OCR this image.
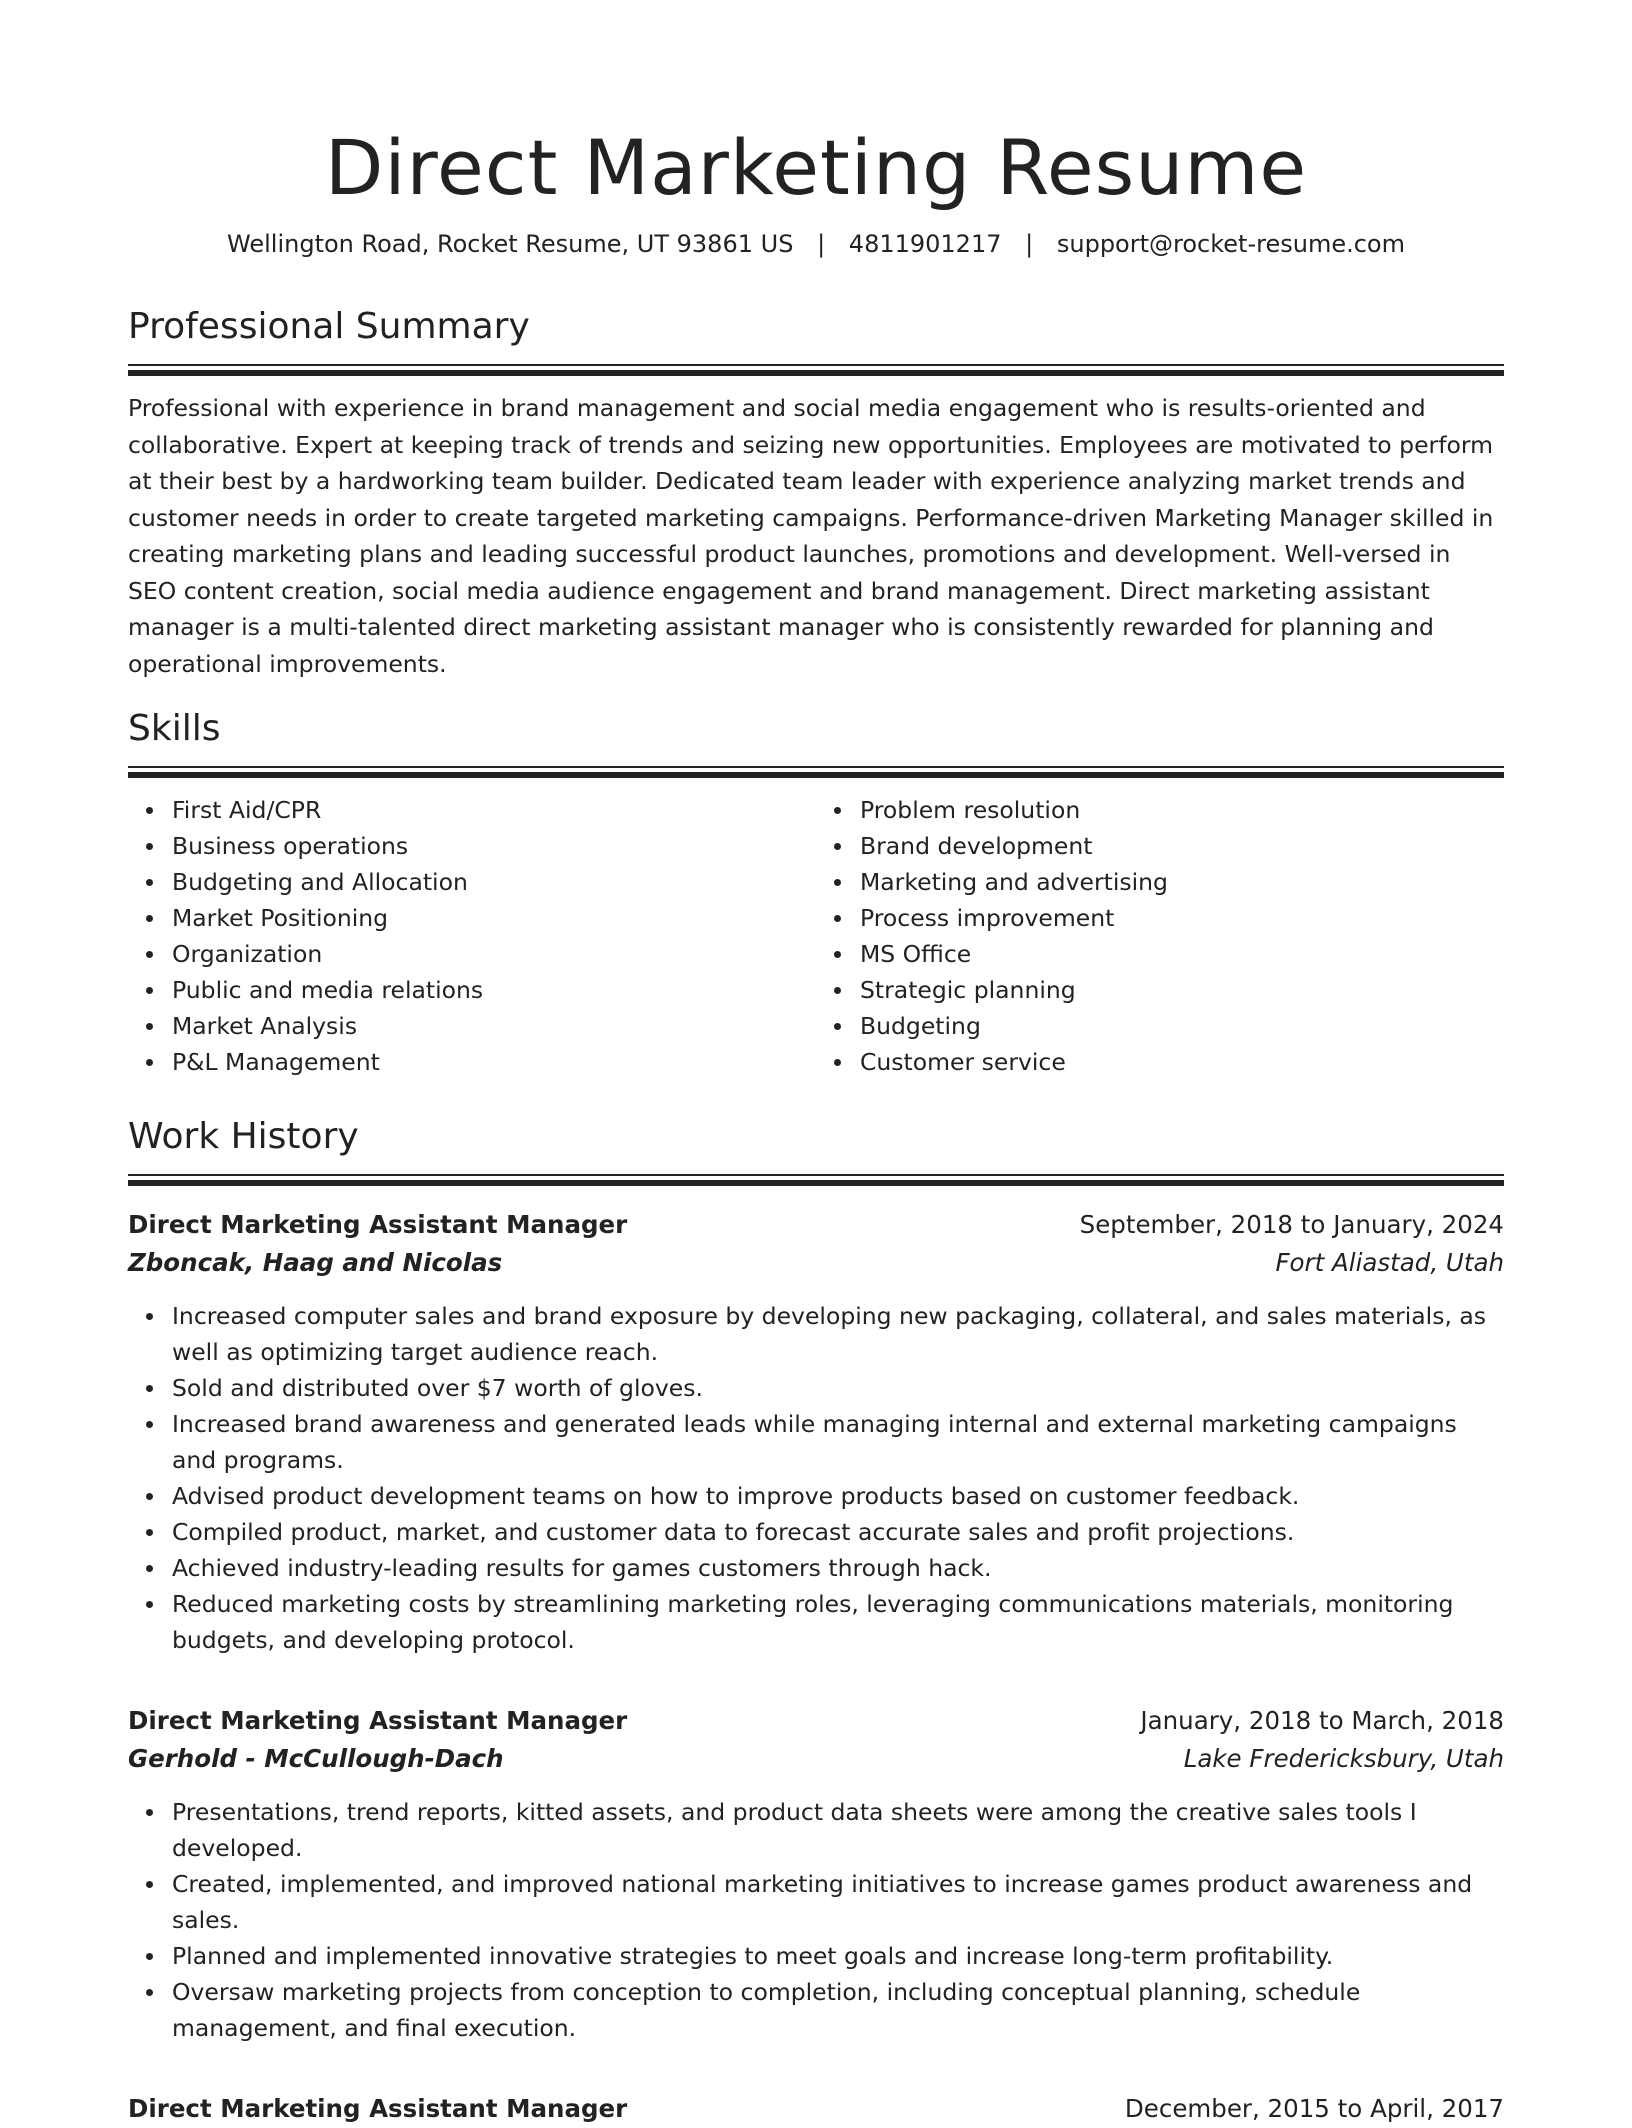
Direct Marketing Resume
Wellington Road, Rocket Resume, UT 93861 US | 4811901217 | support@rocket-resume.com
Professional Summary
Professional with experience in brand management and social media engagement who is results-oriented and collaborative. Expert at keeping track of trends and seizing new opportunities. Employees are motivated to perform at their best by a hardworking team builder. Dedicated team leader with experience analyzing market trends and customer needs in order to create targeted marketing campaigns. Performance-driven Marketing Manager skilled in creating marketing plans and leading successful product launches, promotions and development. Well-versed in SEO content creation, social media audience engagement and brand management. Direct marketing assistant manager is a multi-talented direct marketing assistant manager who is consistently rewarded for planning and operational improvements.
Skills
First Aid/CPR
Business operations
Budgeting and Allocation
Market Positioning
Organization
Public and media relations
Market Analysis
P&L Management
Problem resolution
Brand development
Marketing and advertising
Process improvement
MS Office
Strategic planning
Budgeting
Customer service
Work History
Direct Marketing Assistant Manager	September, 2018 to January, 2024
Zboncak, Haag and Nicolas	Fort Aliastad, Utah
Increased computer sales and brand exposure by developing new packaging, collateral, and sales materials, as well as optimizing target audience reach.
Sold and distributed over $7 worth of gloves.
Increased brand awareness and generated leads while managing internal and external marketing campaigns and programs.
Advised product development teams on how to improve products based on customer feedback.
Compiled product, market, and customer data to forecast accurate sales and profit projections.
Achieved industry-leading results for games customers through hack.
Reduced marketing costs by streamlining marketing roles, leveraging communications materials, monitoring budgets, and developing protocol.
Direct Marketing Assistant Manager	January, 2018 to March, 2018
Gerhold - McCullough-Dach	Lake Fredericksbury, Utah
Presentations, trend reports, kitted assets, and product data sheets were among the creative sales tools I developed.
Created, implemented, and improved national marketing initiatives to increase games product awareness and sales.
Planned and implemented innovative strategies to meet goals and increase long-term profitability.
Oversaw marketing projects from conception to completion, including conceptual planning, schedule management, and final execution.
Direct Marketing Assistant Manager	December, 2015 to April, 2017
